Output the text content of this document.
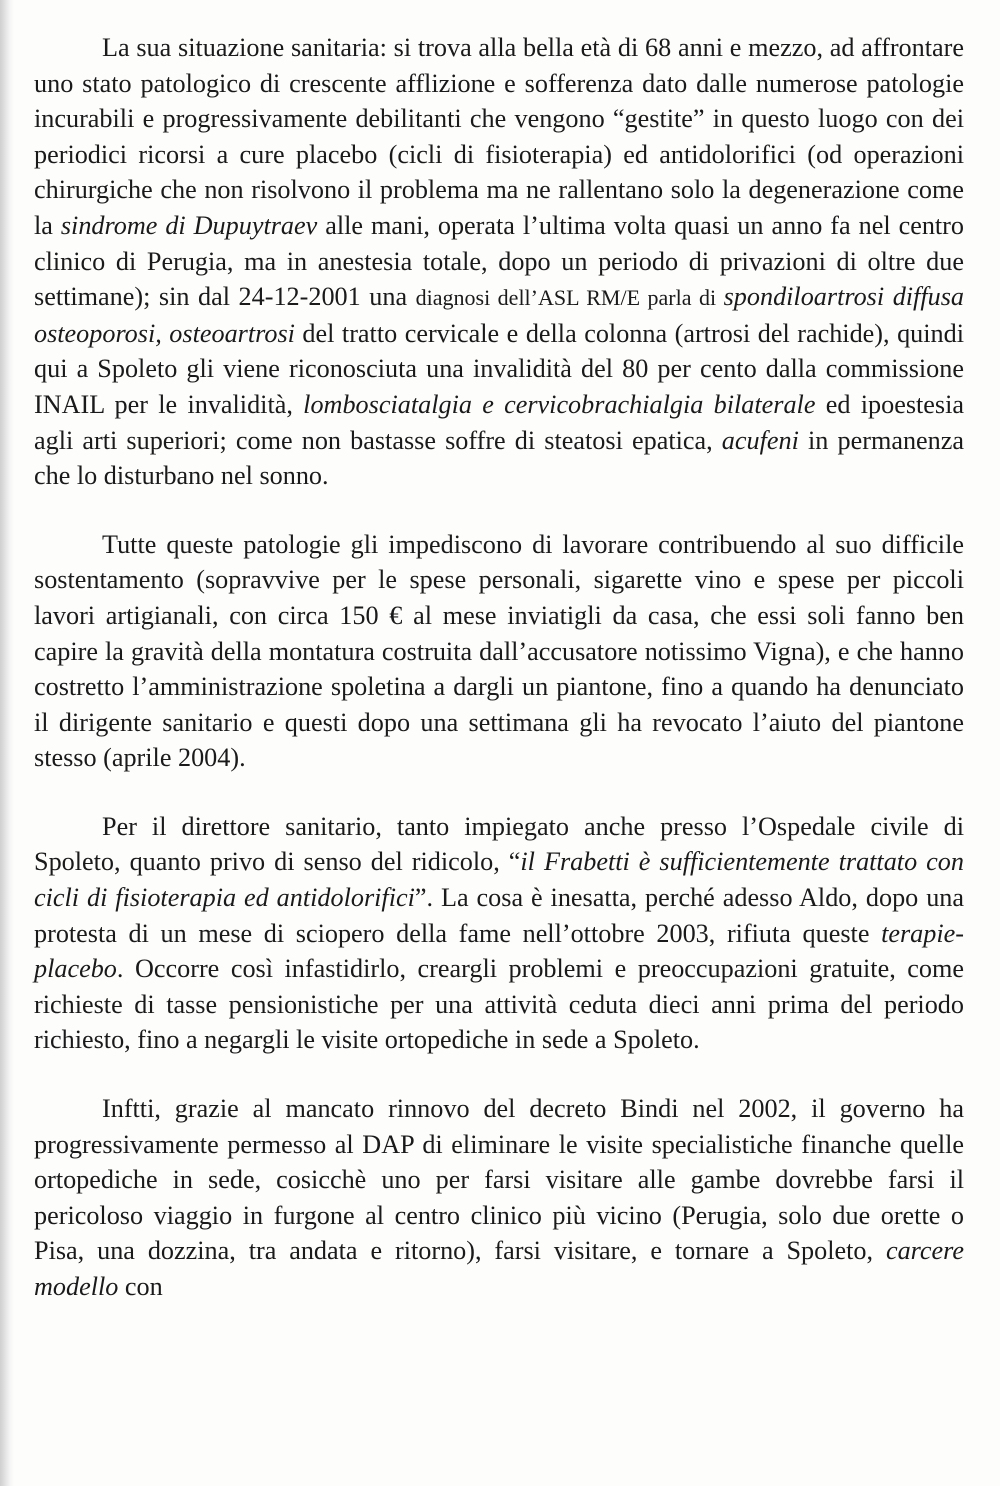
La sua situazione sanitaria: si trova alla bella età di 68 anni e mezzo, ad affrontare uno stato patologico di crescente afflizione e sofferenza dato dalle numerose patologie incurabili e progressivamente debilitanti che vengono “gestite” in questo luogo con dei periodici ricorsi a cure placebo (cicli di fisioterapia) ed antidolorifici (od operazioni chirurgiche che non risolvono il problema ma ne rallentano solo la degenerazione come la sindrome di Dupuytraev alle mani, operata l’ultima volta quasi un anno fa nel centro clinico di Perugia, ma in anestesia totale, dopo un periodo di privazioni di oltre due settimane); sin dal 24-12-2001 una diagnosi dell’ASL RM/E parla di spondiloartrosi diffusa osteoporosi, osteoartrosi del tratto cervicale e della colonna (artrosi del rachide), quindi qui a Spoleto gli viene riconosciuta una invalidità del 80 per cento dalla commissione INAIL per le invalidità, lombosciatalgia e cervicobrachialgia bilaterale ed ipoestesia agli arti superiori; come non bastasse soffre di steatosi epatica, acufeni in permanenza che lo disturbano nel sonno.

Tutte queste patologie gli impediscono di lavorare contribuendo al suo difficile sostentamento (sopravvive per le spese personali, sigarette vino e spese per piccoli lavori artigianali, con circa 150 € al mese inviatigli da casa, che essi soli fanno ben capire la gravità della montatura costruita dall’accusatore notissimo Vigna), e che hanno costretto l’amministrazione spoletina a dargli un piantone, fino a quando ha denunciato il dirigente sanitario e questi dopo una settimana gli ha revocato l’aiuto del piantone stesso (aprile 2004).

Per il direttore sanitario, tanto impiegato anche presso l’Ospedale civile di Spoleto, quanto privo di senso del ridicolo, “il Frabetti è sufficientemente trattato con cicli di fisioterapia ed antidolorifici”. La cosa è inesatta, perché adesso Aldo, dopo una protesta di un mese di sciopero della fame nell’ottobre 2003, rifiuta queste terapie-placebo. Occorre così infastidirlo, creargli problemi e preoccupazioni gratuite, come richieste di tasse pensionistiche per una attività ceduta dieci anni prima del periodo richiesto, fino a negargli le visite ortopediche in sede a Spoleto.

Inftti, grazie al mancato rinnovo del decreto Bindi nel 2002, il governo ha progressivamente permesso al DAP di eliminare le visite specialistiche finanche quelle ortopediche in sede, cosicchè uno per farsi visitare alle gambe dovrebbe farsi il pericoloso viaggio in furgone al centro clinico più vicino (Perugia, solo due orette o Pisa, una dozzina, tra andata e ritorno), farsi visitare, e tornare a Spoleto, carcere modello con
